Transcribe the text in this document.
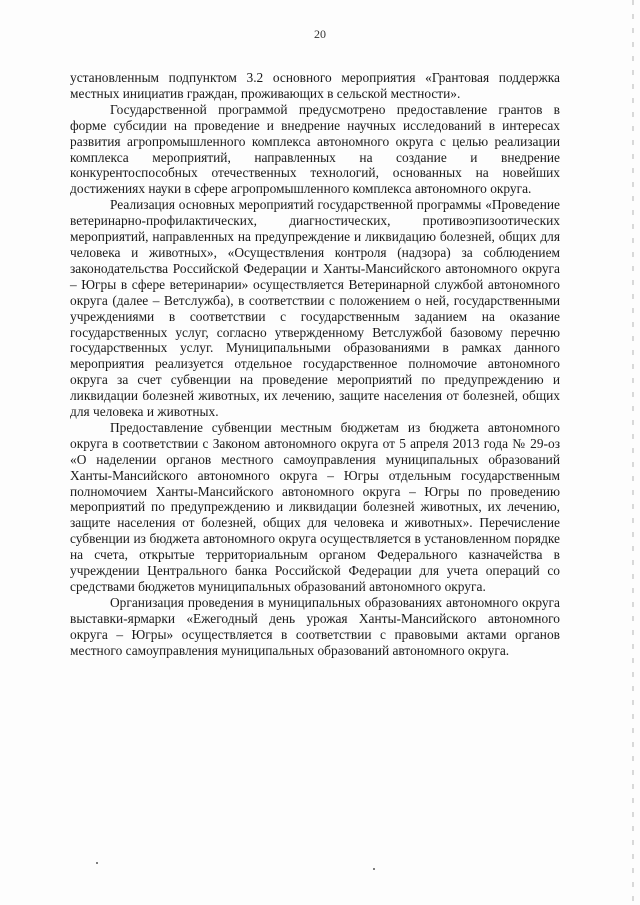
20

установленным подпунктом 3.2 основного мероприятия «Грантовая поддержка местных инициатив граждан, проживающих в сельской местности».

Государственной программой предусмотрено предоставление грантов в форме субсидии на проведение и внедрение научных исследований в интересах развития агропромышленного комплекса автономного округа с целью реализации комплекса мероприятий, направленных на создание и внедрение конкурентоспособных отечественных технологий, основанных на новейших достижениях науки в сфере агропромышленного комплекса автономного округа.

Реализация основных мероприятий государственной программы «Проведение ветеринарно-профилактических, диагностических, противоэпизоотических мероприятий, направленных на предупреждение и ликвидацию болезней, общих для человека и животных», «Осуществления контроля (надзора) за соблюдением законодательства Российской Федерации и Ханты-Мансийского автономного округа – Югры в сфере ветеринарии» осуществляется Ветеринарной службой автономного округа (далее – Ветслужба), в соответствии с положением о ней, государственными учреждениями в соответствии с государственным заданием на оказание государственных услуг, согласно утвержденному Ветслужбой базовому перечню государственных услуг. Муниципальными образованиями в рамках данного мероприятия реализуется отдельное государственное полномочие автономного округа за счет субвенции на проведение мероприятий по предупреждению и ликвидации болезней животных, их лечению, защите населения от болезней, общих для человека и животных.

Предоставление субвенции местным бюджетам из бюджета автономного округа в соответствии с Законом автономного округа от 5 апреля 2013 года № 29-оз «О наделении органов местного самоуправления муниципальных образований Ханты-Мансийского автономного округа – Югры отдельным государственным полномочием Ханты-Мансийского автономного округа – Югры по проведению мероприятий по предупреждению и ликвидации болезней животных, их лечению, защите населения от болезней, общих для человека и животных». Перечисление субвенции из бюджета автономного округа осуществляется в установленном порядке на счета, открытые территориальным органом Федерального казначейства в учреждении Центрального банка Российской Федерации для учета операций со средствами бюджетов муниципальных образований автономного округа.

Организация проведения в муниципальных образованиях автономного округа выставки-ярмарки «Ежегодный день урожая Ханты-Мансийского автономного округа – Югры» осуществляется в соответствии с правовыми актами органов местного самоуправления муниципальных образований автономного округа.
